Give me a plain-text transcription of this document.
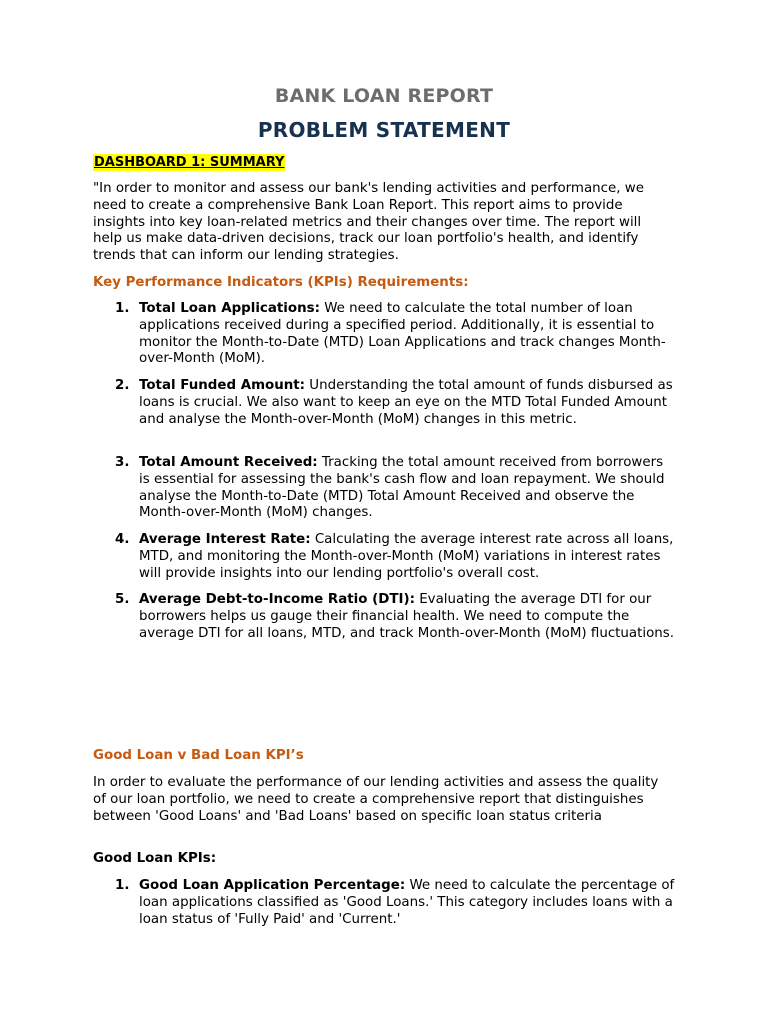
BANK LOAN REPORT
PROBLEM STATEMENT
DASHBOARD 1: SUMMARY

"In order to monitor and assess our bank's lending activities and performance, we need to create a comprehensive Bank Loan Report. This report aims to provide insights into key loan-related metrics and their changes over time. The report will help us make data-driven decisions, track our loan portfolio's health, and identify trends that can inform our lending strategies.

Key Performance Indicators (KPIs) Requirements:
1. Total Loan Applications: We need to calculate the total number of loan applications received during a specified period. Additionally, it is essential to monitor the Month-to-Date (MTD) Loan Applications and track changes Month-over-Month (MoM).
2. Total Funded Amount: Understanding the total amount of funds disbursed as loans is crucial. We also want to keep an eye on the MTD Total Funded Amount and analyse the Month-over-Month (MoM) changes in this metric.
3. Total Amount Received: Tracking the total amount received from borrowers is essential for assessing the bank's cash flow and loan repayment. We should analyse the Month-to-Date (MTD) Total Amount Received and observe the Month-over-Month (MoM) changes.
4. Average Interest Rate: Calculating the average interest rate across all loans, MTD, and monitoring the Month-over-Month (MoM) variations in interest rates will provide insights into our lending portfolio's overall cost.
5. Average Debt-to-Income Ratio (DTI): Evaluating the average DTI for our borrowers helps us gauge their financial health. We need to compute the average DTI for all loans, MTD, and track Month-over-Month (MoM) fluctuations.
Good Loan v Bad Loan KPI’s

In order to evaluate the performance of our lending activities and assess the quality of our loan portfolio, we need to create a comprehensive report that distinguishes between 'Good Loans' and 'Bad Loans' based on specific loan status criteria

Good Loan KPIs:

1. Good Loan Application Percentage: We need to calculate the percentage of loan applications classified as 'Good Loans.' This category includes loans with a loan status of 'Fully Paid' and 'Current.'
